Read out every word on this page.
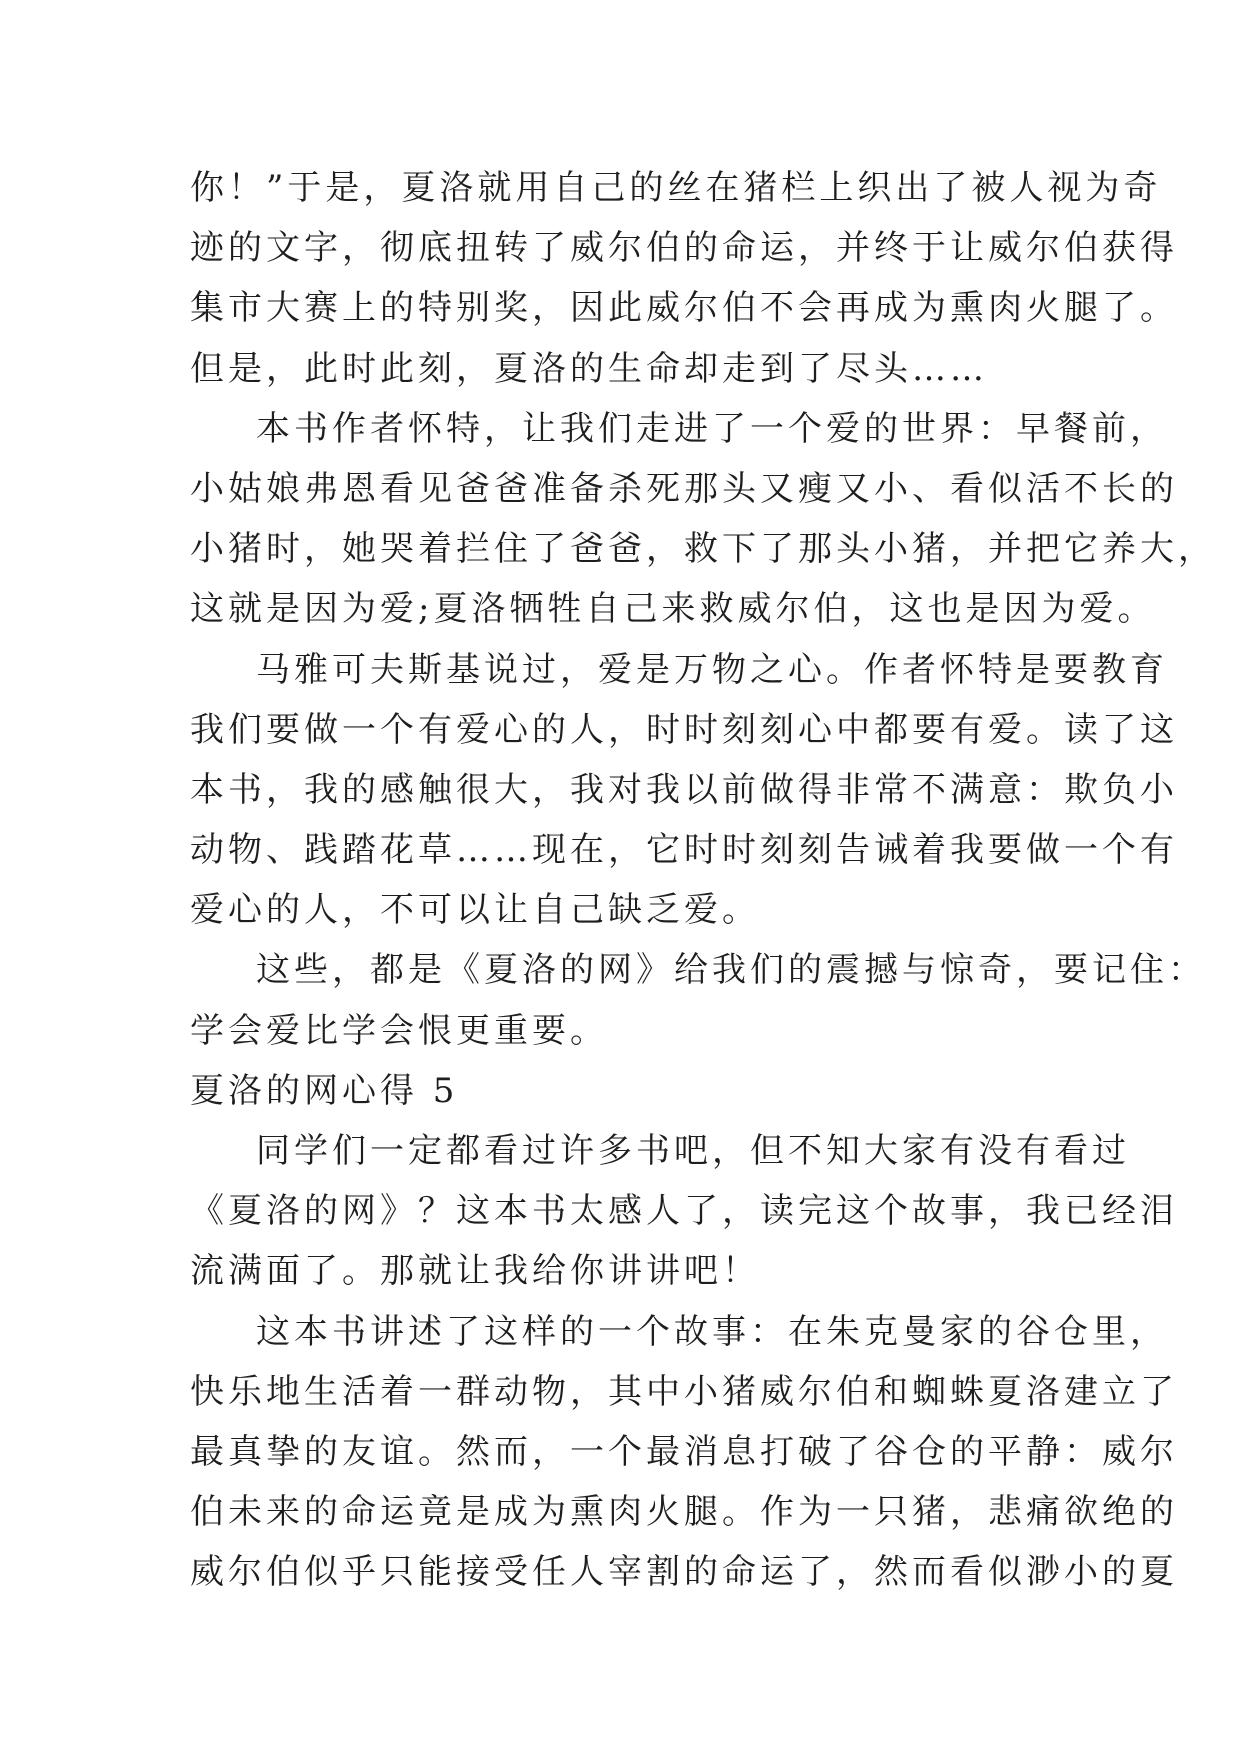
你！”于是，夏洛就用自己的丝在猪栏上织出了被人视为奇
迹的文字，彻底扭转了威尔伯的命运，并终于让威尔伯获得
集市大赛上的特别奖，因此威尔伯不会再成为熏肉火腿了。
但是，此时此刻，夏洛的生命却走到了尽头……
本书作者怀特，让我们走进了一个爱的世界：早餐前，
小姑娘弗恩看见爸爸准备杀死那头又瘦又小、看似活不长的
小猪时，她哭着拦住了爸爸，救下了那头小猪，并把它养大，
这就是因为爱;夏洛牺牲自己来救威尔伯，这也是因为爱。
马雅可夫斯基说过，爱是万物之心。作者怀特是要教育
我们要做一个有爱心的人，时时刻刻心中都要有爱。读了这
本书，我的感触很大，我对我以前做得非常不满意：欺负小
动物、践踏花草……现在，它时时刻刻告诫着我要做一个有
爱心的人，不可以让自己缺乏爱。
这些，都是《夏洛的网》给我们的震撼与惊奇，要记住：
学会爱比学会恨更重要。
夏洛的网心得 5
同学们一定都看过许多书吧，但不知大家有没有看过
《夏洛的网》？这本书太感人了，读完这个故事，我已经泪
流满面了。那就让我给你讲讲吧！
这本书讲述了这样的一个故事：在朱克曼家的谷仓里，
快乐地生活着一群动物，其中小猪威尔伯和蜘蛛夏洛建立了
最真挚的友谊。然而，一个最消息打破了谷仓的平静：威尔
伯未来的命运竟是成为熏肉火腿。作为一只猪，悲痛欲绝的
威尔伯似乎只能接受任人宰割的命运了，然而看似渺小的夏
